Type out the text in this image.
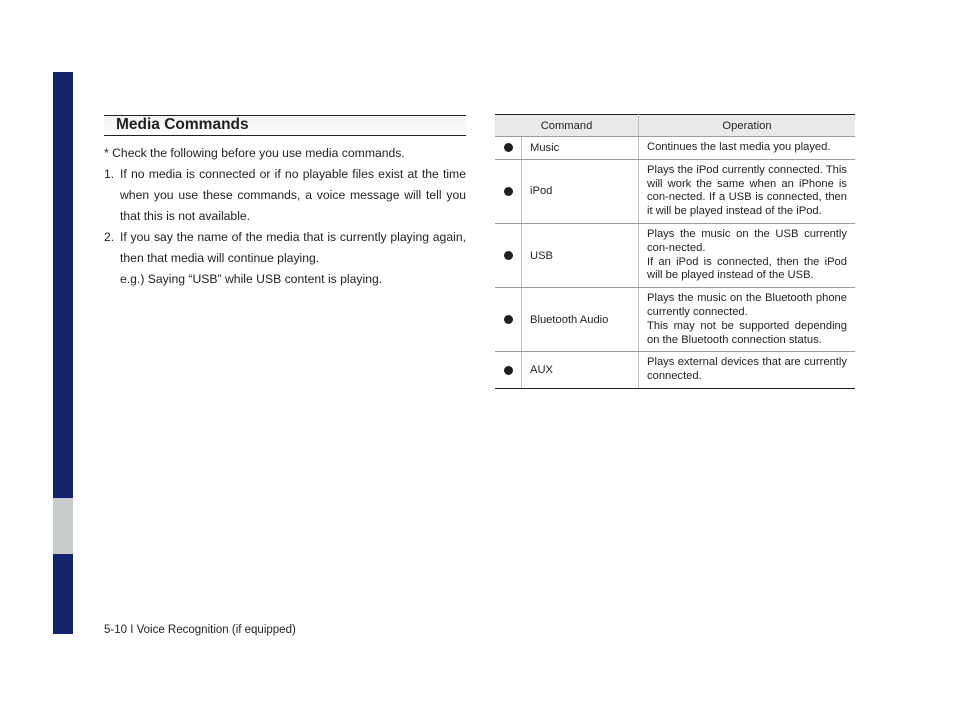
Media Commands
* Check the following before you use media commands.
1. If no media is connected or if no playable files exist at the time when you use these commands, a voice message will tell you that this is not available.
2. If you say the name of the media that is currently playing again, then that media will continue playing.
e.g.) Saying “USB” while USB content is playing.
Command		Operation
	Music	Continues the last media you played.

	iPod	Plays the iPod currently connected. This will work the same when an iPhone is con-nected. If a USB is connected, then it will be played instead of the iPod.

	USB	Plays the music on the USB currently con-nected.
If an iPod is connected, then the iPod will be played instead of the USB.

	Bluetooth Audio	Plays the music on the Bluetooth phone currently connected.
This may not be supported depending on the Bluetooth connection status.

	AUX	Plays external devices that are currently connected.
5-10 I Voice Recognition (if equipped)
